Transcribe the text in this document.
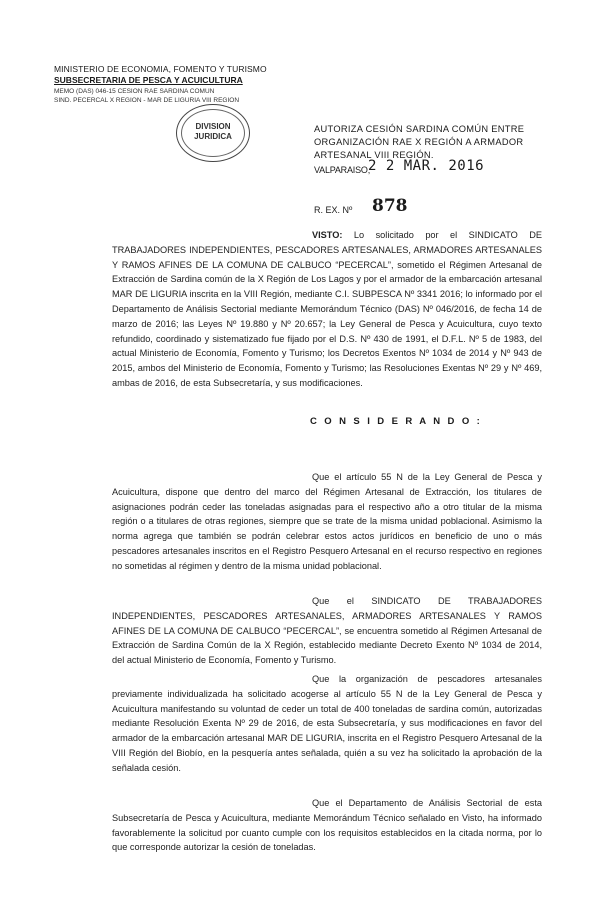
MINISTERIO DE ECONOMIA, FOMENTO Y TURISMO
SUBSECRETARIA DE PESCA Y ACUICULTURA
MEMO (DAS) 046-15 CESION RAE SARDINA COMUN
SIND. PECERCAL X REGION - MAR DE LIGURIA VIII REGION
DIVISION
JURIDICA
AUTORIZA CESIÓN SARDINA COMÚN ENTRE ORGANIZACIÓN RAE X REGIÓN A ARMADOR ARTESANAL VIII REGIÓN.
VALPARAISO,
2 2 MAR. 2016
R. EX. Nº 878
VISTO: Lo solicitado por el SINDICATO DE TRABAJADORES INDEPENDIENTES, PESCADORES ARTESANALES, ARMADORES ARTESANALES Y RAMOS AFINES DE LA COMUNA DE CALBUCO “PECERCAL”, sometido el Régimen Artesanal de Extracción de Sardina común de la X Región de Los Lagos y por el armador de la embarcación artesanal MAR DE LIGURIA inscrita en la VIII Región, mediante C.I. SUBPESCA Nº 3341 2016; lo informado por el Departamento de Análisis Sectorial mediante Memorándum Técnico (DAS) Nº 046/2016, de fecha 14 de marzo de 2016; las Leyes Nº 19.880 y Nº 20.657; la Ley General de Pesca y Acuicultura, cuyo texto refundido, coordinado y sistematizado fue fijado por el D.S. Nº 430 de 1991, el D.F.L. Nº 5 de 1983, del actual Ministerio de Economía, Fomento y Turismo; los Decretos Exentos Nº 1034 de 2014 y Nº 943 de 2015, ambos del Ministerio de Economía, Fomento y Turismo; las Resoluciones Exentas Nº 29 y Nº 469, ambas de 2016, de esta Subsecretaría, y sus modificaciones.
C O N S I D E R A N D O :
Que el artículo 55 N de la Ley General de Pesca y Acuicultura, dispone que dentro del marco del Régimen Artesanal de Extracción, los titulares de asignaciones podrán ceder las toneladas asignadas para el respectivo año a otro titular de la misma región o a titulares de otras regiones, siempre que se trate de la misma unidad poblacional. Asimismo la norma agrega que también se podrán celebrar estos actos jurídicos en beneficio de uno o más pescadores artesanales inscritos en el Registro Pesquero Artesanal en el recurso respectivo en regiones no sometidas al régimen y dentro de la misma unidad poblacional.
Que el SINDICATO DE TRABAJADORES INDEPENDIENTES, PESCADORES ARTESANALES, ARMADORES ARTESANALES Y RAMOS AFINES DE LA COMUNA DE CALBUCO “PECERCAL”, se encuentra sometido al Régimen Artesanal de Extracción de Sardina Común de la X Región, establecido mediante Decreto Exento Nº 1034 de 2014, del actual Ministerio de Economía, Fomento y Turismo.
Que la organización de pescadores artesanales previamente individualizada ha solicitado acogerse al artículo 55 N de la Ley General de Pesca y Acuicultura manifestando su voluntad de ceder un total de 400 toneladas de sardina común, autorizadas mediante Resolución Exenta Nº 29 de 2016, de esta Subsecretaría, y sus modificaciones en favor del armador de la embarcación artesanal MAR DE LIGURIA, inscrita en el Registro Pesquero Artesanal de la VIII Región del Biobío, en la pesquería antes señalada, quién a su vez ha solicitado la aprobación de la señalada cesión.
Que el Departamento de Análisis Sectorial de esta Subsecretaría de Pesca y Acuicultura, mediante Memorándum Técnico señalado en Visto, ha informado favorablemente la solicitud por cuanto cumple con los requisitos establecidos en la citada norma, por lo que corresponde autorizar la cesión de toneladas.
